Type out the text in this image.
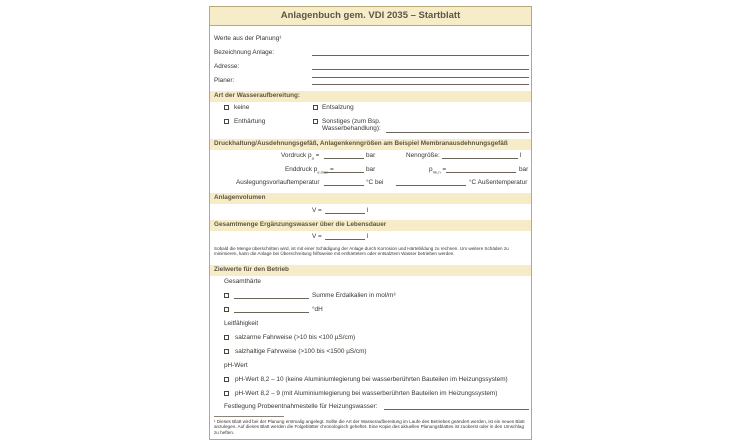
Anlagenbuch gem. VDI 2035 – Startblatt
Werte aus der Planung¹
Bezeichnung Anlage:
Adresse:
Planer:
Art der Wasseraufbereitung:
keine	Entsalzung
Enthärtung	Sonstiges (zum Bsp.
Wasserbehandlung):
Druckhaltung/Ausdehnungsgefäß, Anlagenkenngrößen am Beispiel Membranausdehnungsgefäß
Vordruck $p_a$ =	bar	Nenngröße:	l
Enddruck $p_{e,max}$ =	bar	$p_{Ve,n}$ =	bar
Auslegungsvorlauftemperatur	°C bei	°C Außentemperatur
Anlagenvolumen
V =	l
Gesamtmenge Ergänzungswasser über die Lebensdauer
V =	l
Sobald die Menge überschritten wird, ist mit einer Schädigung der Anlage durch Korrosion und Härtebildung zu rechnen. Um weitere Schäden zu minimieren, kann die Anlage bei Überschreitung hilfsweise mit enthärtetem oder entsalztem Wasser betrieben werden.
Zielwerte für den Betrieb
Gesamthärte
Summe Erdalkalien in mol/m³
°dH
Leitfähigkeit
salzarme Fahrweise (>10 bis <100 µS/cm)
salzhaltige Fahrweise (>100 bis <1500 µS/cm)
pH-Wert
pH-Wert 8,2 – 10 (keine Aluminiumlegierung bei wasserberührten Bauteilen im Heizungssystem)
pH-Wert 8,2 – 9 (mit Aluminiumlegierung bei wasserberührten Bauteilen im Heizungssystem)
Festlegung Probeentnahmestelle für Heizungswasser:
¹ Dieses Blatt wird bei der Planung erstmalig angelegt. Sollte die Art der Wasseraufbereitung im Laufe des Betriebes geändert werden, ist ein neues Blatt anzulegen. Auf dieses Blatt werden die Folgeblätter chronologisch geheftet. Eine Kopie des aktuellen Planungsblattes ist zuoberst oder in den Umschlag zu heften.
